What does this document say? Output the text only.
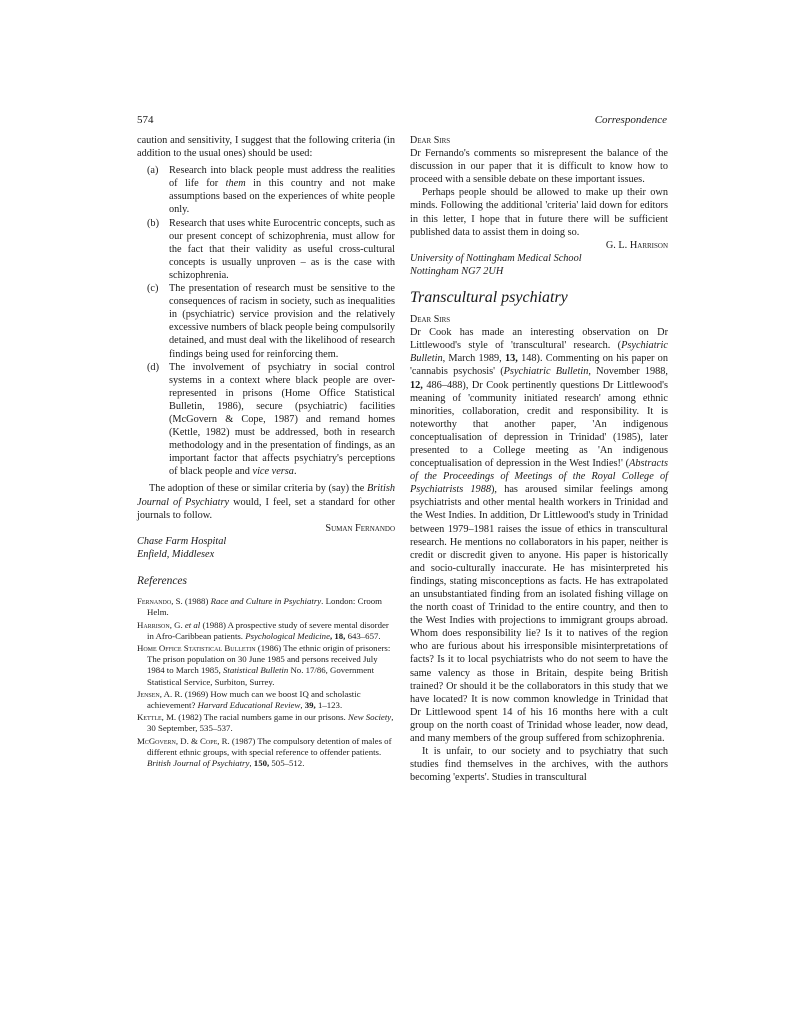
574	Correspondence

caution and sensitivity, I suggest that the following criteria (in addition to the usual ones) should be used:

(a) Research into black people must address the realities of life for them in this country and not make assumptions based on the experiences of white people only.
(b) Research that uses white Eurocentric concepts, such as our present concept of schizophrenia, must allow for the fact that their validity as useful cross-cultural concepts is usually unproven – as is the case with schizophrenia.
(c) The presentation of research must be sensitive to the consequences of racism in society, such as inequalities in (psychiatric) service provision and the relatively excessive numbers of black people being compulsorily detained, and must deal with the likelihood of research findings being used for reinforcing them.
(d) The involvement of psychiatry in social control systems in a context where black people are over-represented in prisons (Home Office Statistical Bulletin, 1986), secure (psychiatric) facilities (McGovern & Cope, 1987) and remand homes (Kettle, 1982) must be addressed, both in research methodology and in the presentation of findings, as an important factor that affects psychiatry's perceptions of black people and vice versa.

The adoption of these or similar criteria by (say) the British Journal of Psychiatry would, I feel, set a standard for other journals to follow.

Suman Fernando

Chase Farm Hospital

Enfield, Middlesex

References

Fernando, S. (1988) Race and Culture in Psychiatry. London: Croom Helm.

Harrison, G. et al (1988) A prospective study of severe mental disorder in Afro-Caribbean patients. Psychological Medicine, 18, 643–657.

Home Office Statistical Bulletin (1986) The ethnic origin of prisoners: The prison population on 30 June 1985 and persons received July 1984 to March 1985, Statistical Bulletin No. 17/86, Government Statistical Service, Surbiton, Surrey.

Jensen, A. R. (1969) How much can we boost IQ and scholastic achievement? Harvard Educational Review, 39, 1–123.

Kettle, M. (1982) The racial numbers game in our prisons. New Society, 30 September, 535–537.

McGovern, D. & Cope, R. (1987) The compulsory detention of males of different ethnic groups, with special reference to offender patients. British Journal of Psychiatry, 150, 505–512.

Dear Sirs

Dr Fernando's comments so misrepresent the balance of the discussion in our paper that it is difficult to know how to proceed with a sensible debate on these important issues.

Perhaps people should be allowed to make up their own minds. Following the additional 'criteria' laid down for editors in this letter, I hope that in future there will be sufficient published data to assist them in doing so.

G. L. Harrison

University of Nottingham Medical School

Nottingham NG7 2UH

Transcultural psychiatry

Dear Sirs

Dr Cook has made an interesting observation on Dr Littlewood's style of 'transcultural' research. (Psychiatric Bulletin, March 1989, 13, 148). Commenting on his paper on 'cannabis psychosis' (Psychiatric Bulletin, November 1988, 12, 486–488), Dr Cook pertinently questions Dr Littlewood's meaning of 'community initiated research' among ethnic minorities, collaboration, credit and responsibility. It is noteworthy that another paper, 'An indigenous conceptualisation of depression in Trinidad' (1985), later presented to a College meeting as 'An indigenous conceptualisation of depression in the West Indies!' (Abstracts of the Proceedings of Meetings of the Royal College of Psychiatrists 1988), has aroused similar feelings among psychiatrists and other mental health workers in Trinidad and the West Indies. In addition, Dr Littlewood's study in Trinidad between 1979–1981 raises the issue of ethics in transcultural research. He mentions no collaborators in his paper, neither is credit or discredit given to anyone. His paper is historically and socio-culturally inaccurate. He has misinterpreted his findings, stating misconceptions as facts. He has extrapolated an unsubstantiated finding from an isolated fishing village on the north coast of Trinidad to the entire country, and then to the West Indies with projections to immigrant groups abroad. Whom does responsibility lie? Is it to natives of the region who are furious about his irresponsible misinterpretations of facts? Is it to local psychiatrists who do not seem to have the same valency as those in Britain, despite being British trained? Or should it be the collaborators in this study that we have located? It is now common knowledge in Trinidad that Dr Littlewood spent 14 of his 16 months here with a cult group on the north coast of Trinidad whose leader, now dead, and many members of the group suffered from schizophrenia.

It is unfair, to our society and to psychiatry that such studies find themselves in the archives, with the authors becoming 'experts'. Studies in transcultural
